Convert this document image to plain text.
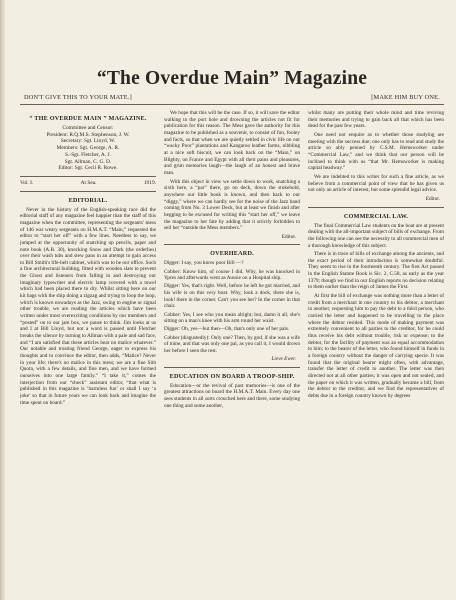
“The Overdue Main” Magazine
DON'T GIVE THIS TO YOUR MATE.]	[MAKE HIM BUY ONE.
“ THE OVERDUE MAIN ” MAGAZINE.
Committee and Censor:
President: R.Q.M.S. Stephenson, J. W.
Secretary: Sgt. Lloyd, W.
Members: Sgt. George, A. R.
S.-Sgt. Fletcher, A. J.
Sgt. Allman, C. G. D.
Editor: Sgt. Cecil R. Rowe.
Vol. I.	At Sea.	1919.
EDITORIAL.

Never in the history of the English-speaking race did the editorial staff of any magazine feel happier than the staff of this magazine when the committee, representing the sergeants' mess of 146 war weary sergeants on H.M.A.T. “Main,” requested the editor to “start her off” with a few lines. Needless to say, we jumped at the opportunity of snatching up pencils, paper and note book (A.B. 30), knocking Snow and Dark (the orderlies) over their wash tubs and stew pans in an attempt to gain access to Bill Smith's life-belt cabinet, which was to be our office. Such a fine architectural building, fitted with wooden slats to prevent the Ghost and listeners from falling in and destroying our imaginary typewriter and electric lamp covered with a towel which had been placed there to dry. Whilst sitting here on our kit bags with the ship doing a zigzag and trying to loop the loop, which is known nowadays as the Jazz, swing to engine or signal other trouble, we are reading the articles which have been written under most overexciting conditions by our members and “posted” on to our jam box, we pause to think. Jim looks at us and I at Bill Lloyd, but not a word is passed until Fletcher breaks the silence by turning to Allman with a pale and sad face, and “I am satisfied that these articles bear no malice whatever.” Our notable and trusting friend George, eager to express his thoughts and to convince the editor, then adds, “Malice? Never in your life; there's no malice in this mess; we are a fine Sith Quota, with a few details, and fine men, and we have formed ourselves into one large family.” “I take it,” comes the interjection from our “shock” assistant editor, “that what is published in this magazine is ‘harmless fun’ or shall I say ‘a joke’ so that in future years we can look back and imagine the time spent on board.”

We hope that this will be the case. If so, it will save the editor walking to the port hole and drowning the articles not fit for publication for this reason. The Mess gave the authority for this magazine to be published as a souvenir, to consist of fun, fooley and facts, so that when we are quietly settled in civic life on our “wacky Poor” plantations and Kangaroo leather farms, nibbling at a nice soft biscuit, we can look back on the “Main,” on Blighty, on France and Egypt with all their pains and pleasures, and grim memories laugh—the laugh of an honest and brave man.

With this object in view we settle down to work, snatching a sixth here, a “par” there, go on deck, down the stokehold, anywhere our little book is known, and then back to our “diggy,” where we can hardly see for the noise of the Jazz band coming from No. 3 Lower Deck, but at least we finish and after begging to be excused for writing this “start her off,” we leave the magazine to her fate by adding that it strictly forbidden to sell her “outside the Mess members.”

Editor.
OVERHEARD.

Digger: I say, you know poor Bill —?

Cobber: Know him, of course I did. Why, he was knocked in Ypres and afterwards went as Aussie on a Hospital ship.

Digger: Yes, that's right. Well, before he left he got married, and his wife is on this very boat. Why, look a dock, there she is, look! there in the corner. Can't you see her? In the corner in that chair.

Cobber: Yes, I see who you mean alright; but, damn it all, she's sitting on a man's knee with his arm round her waist.

Digger: Oh, yes—but then—Oh, that's only one of her pals.

Cobber (disgustedly): Only one? Then, by god, if she was a wife of mine, and that was only one pal, as you call it, I would drown her before I seen the rest.

Lieve Ewer.
EDUCATION ON BOARD A TROOP-SHIP.

Education—or the revival of past memories—is one of the greatest attractions on board the H.M.A.T. Main. Every day one sees students in all sorts crouched here and there, some studying one thing and some another,

whilst many are putting their whole mind and time reviving their memories and trying to gain back all that which has been dead for the past few years.

One need not enquire as to whether those studying are meeting with the success due; one only has to read and study the article so ably penned by C.S.M. Hemsworker under “Commercial Law,” and we think that our person will be inclined to think with us “that Mr. Hemsworker is making capital headway.”

We are indebted to this writer for such a fine article, as we believe from a commercial point of view that he has given us not only an article of interest, but some splendid legal advice.

Editor.
COMMERCIAL LAW.

The final Commercial Law students on the boat are at present dealing with the all-important subject of bills of exchange. From the following one can see the necessity to all commercial men of a thorough knowledge of this subject.

There is in trace of bills of exchange among the ancients, and the exact period of their introduction is somewhat doubtful. They seem to rise in the fourteenth century. The first Act passed in the English Statute Book is Sic. 2, C.58, as early as the year 1379; though we find in our English reports no decision relating to them earlier than the reign of James the First.

At first the bill of exchange was nothing more than a letter of credit from a merchant in one country to his debtor, a merchant in another, requesting him to pay the debt to a third person, who carried the letter and happened to be travelling to the place where the debtor resided. This mode of making payment was extremely convenient to all parties to the creditor, for he could thus receive his debt without trouble, risk or expense; to the debtor, for the facility of payment was an equal accommodation to him; to the bearer of the letter, who found himself in funds in a foreign country without the danger of carrying specie. It was found that the original bearer might often, with advantage, transfer the letter of credit to another. The letter was then directed not at all other parties; it was open and not sealed, and the paper on which it was written, gradually became a bill, from the debtor to the creditor, and we find the representatives of debts due in a foreign country known by degrees
